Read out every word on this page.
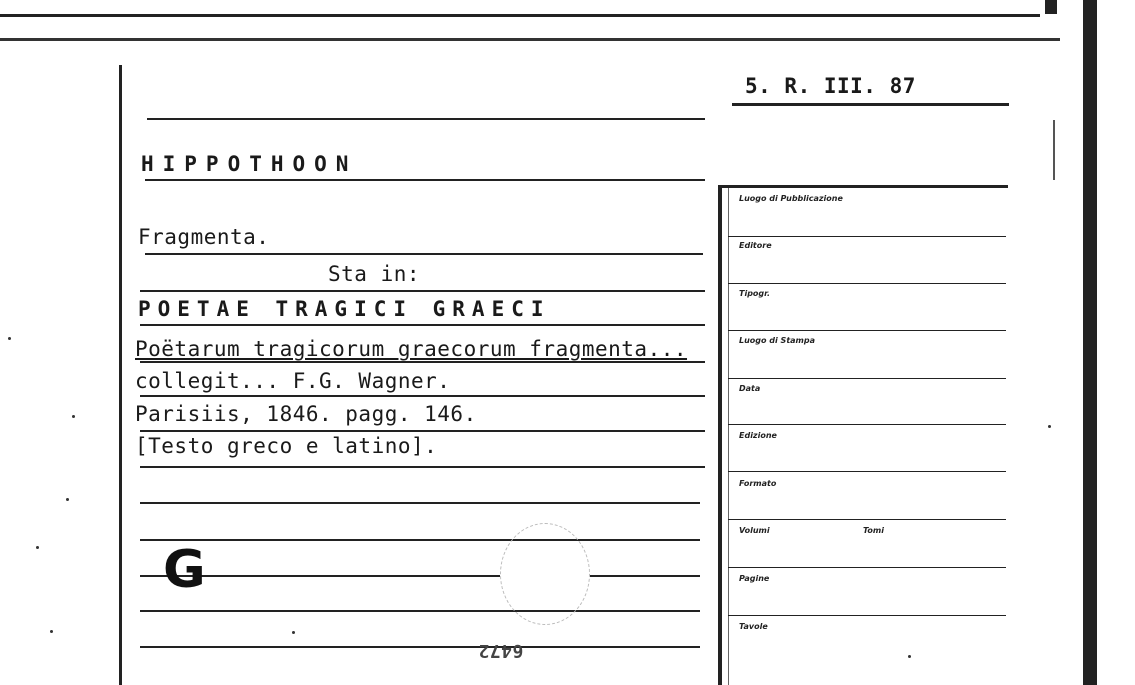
5. R. III. 87
HIPPOTHOON
Fragmenta.
Sta in:
POETAE TRAGICI GRAECI
Poëtarum tragicorum graecorum fragmenta...
collegit... F.G. Wagner.
Parisiis, 1846. pagg. 146.
[Testo greco e latino].
G
6472
Luogo di Pubblicazione
Editore
Tipogr.
Luogo di Stampa
Data
Edizione
Formato
Volumi	Tomi
Pagine
Tavole
